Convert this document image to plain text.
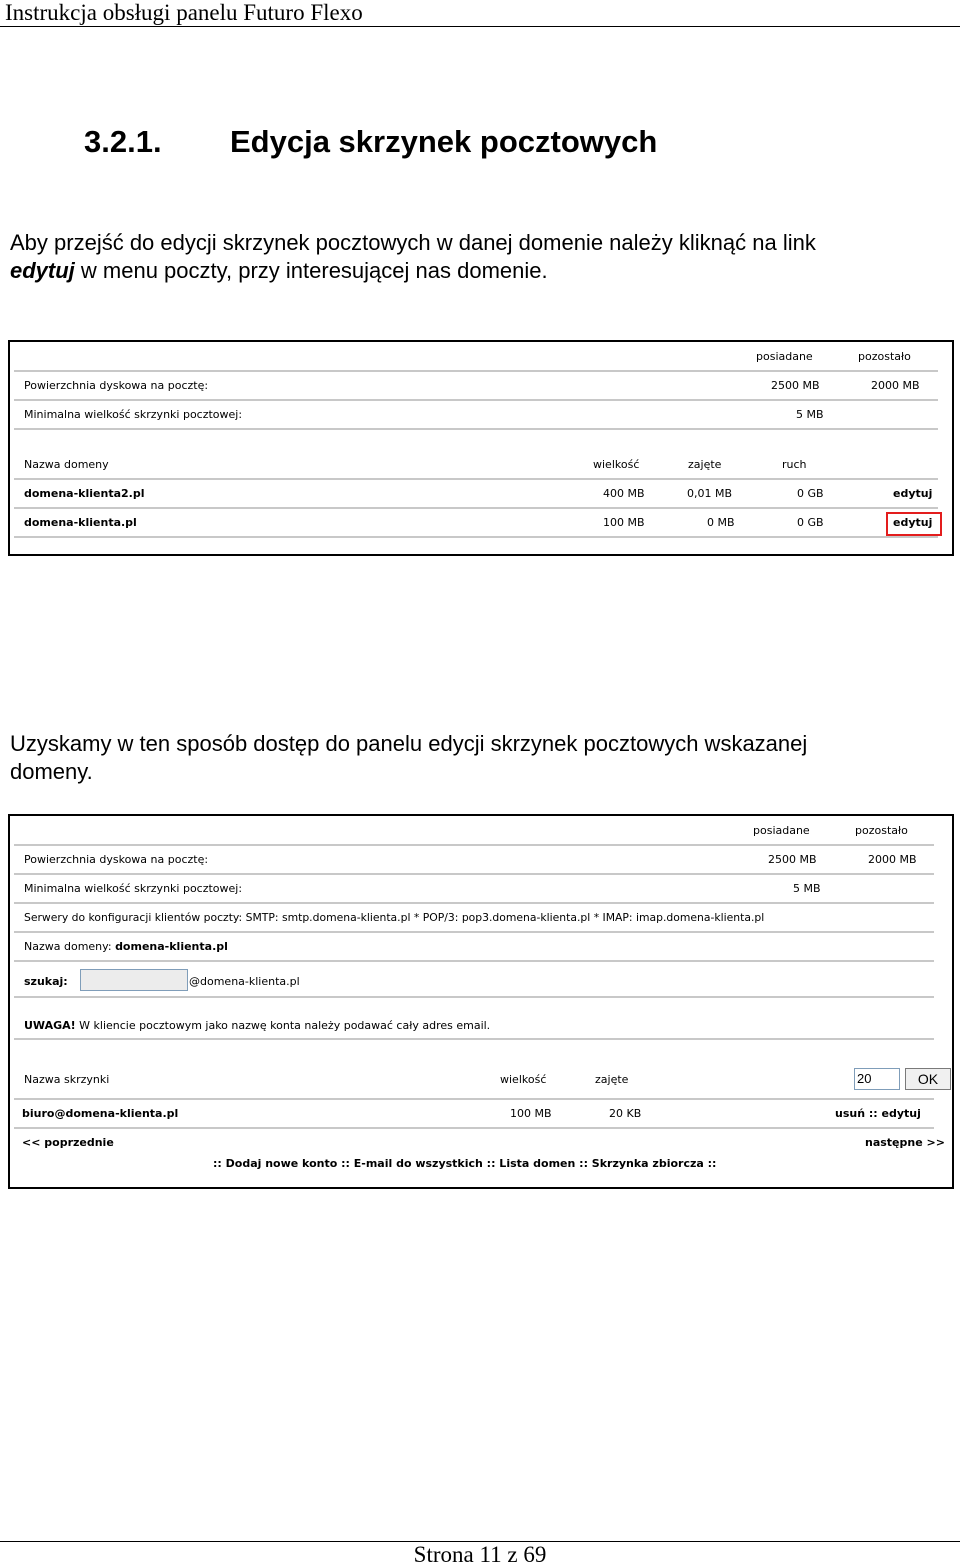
Instrukcja obsługi panelu Futuro Flexo
3.2.1. Edycja skrzynek pocztowych
Aby przejść do edycji skrzynek pocztowych w danej domenie należy kliknąć na link
edytuj w menu poczty, przy interesującej nas domenie.
posiadane	pozostało
Powierzchnia dyskowa na pocztę:	2500 MB	2000 MB
Minimalna wielkość skrzynki pocztowej:	5 MB
Nazwa domeny	wielkość	zajęte	ruch
domena-klienta2.pl	400 MB	0,01 MB	0 GB	edytuj
domena-klienta.pl	100 MB	0 MB	0 GB	edytuj
Uzyskamy w ten sposób dostęp do panelu edycji skrzynek pocztowych wskazanej
domeny.
posiadane	pozostało
Powierzchnia dyskowa na pocztę:	2500 MB	2000 MB
Minimalna wielkość skrzynki pocztowej:	5 MB
Serwery do konfiguracji klientów poczty: SMTP: smtp.domena-klienta.pl * POP/3: pop3.domena-klienta.pl * IMAP: imap.domena-klienta.pl
Nazwa domeny: domena-klienta.pl
szukaj:	@domena-klienta.pl
UWAGA! W kliencie pocztowym jako nazwę konta należy podawać cały adres email.
Nazwa skrzynki	wielkość	zajęte	20	OK
biuro@domena-klienta.pl	100 MB	20 KB	usuń :: edytuj
<< poprzednie	następne >>
:: Dodaj nowe konto :: E-mail do wszystkich :: Lista domen :: Skrzynka zbiorcza ::
Strona 11 z 69
